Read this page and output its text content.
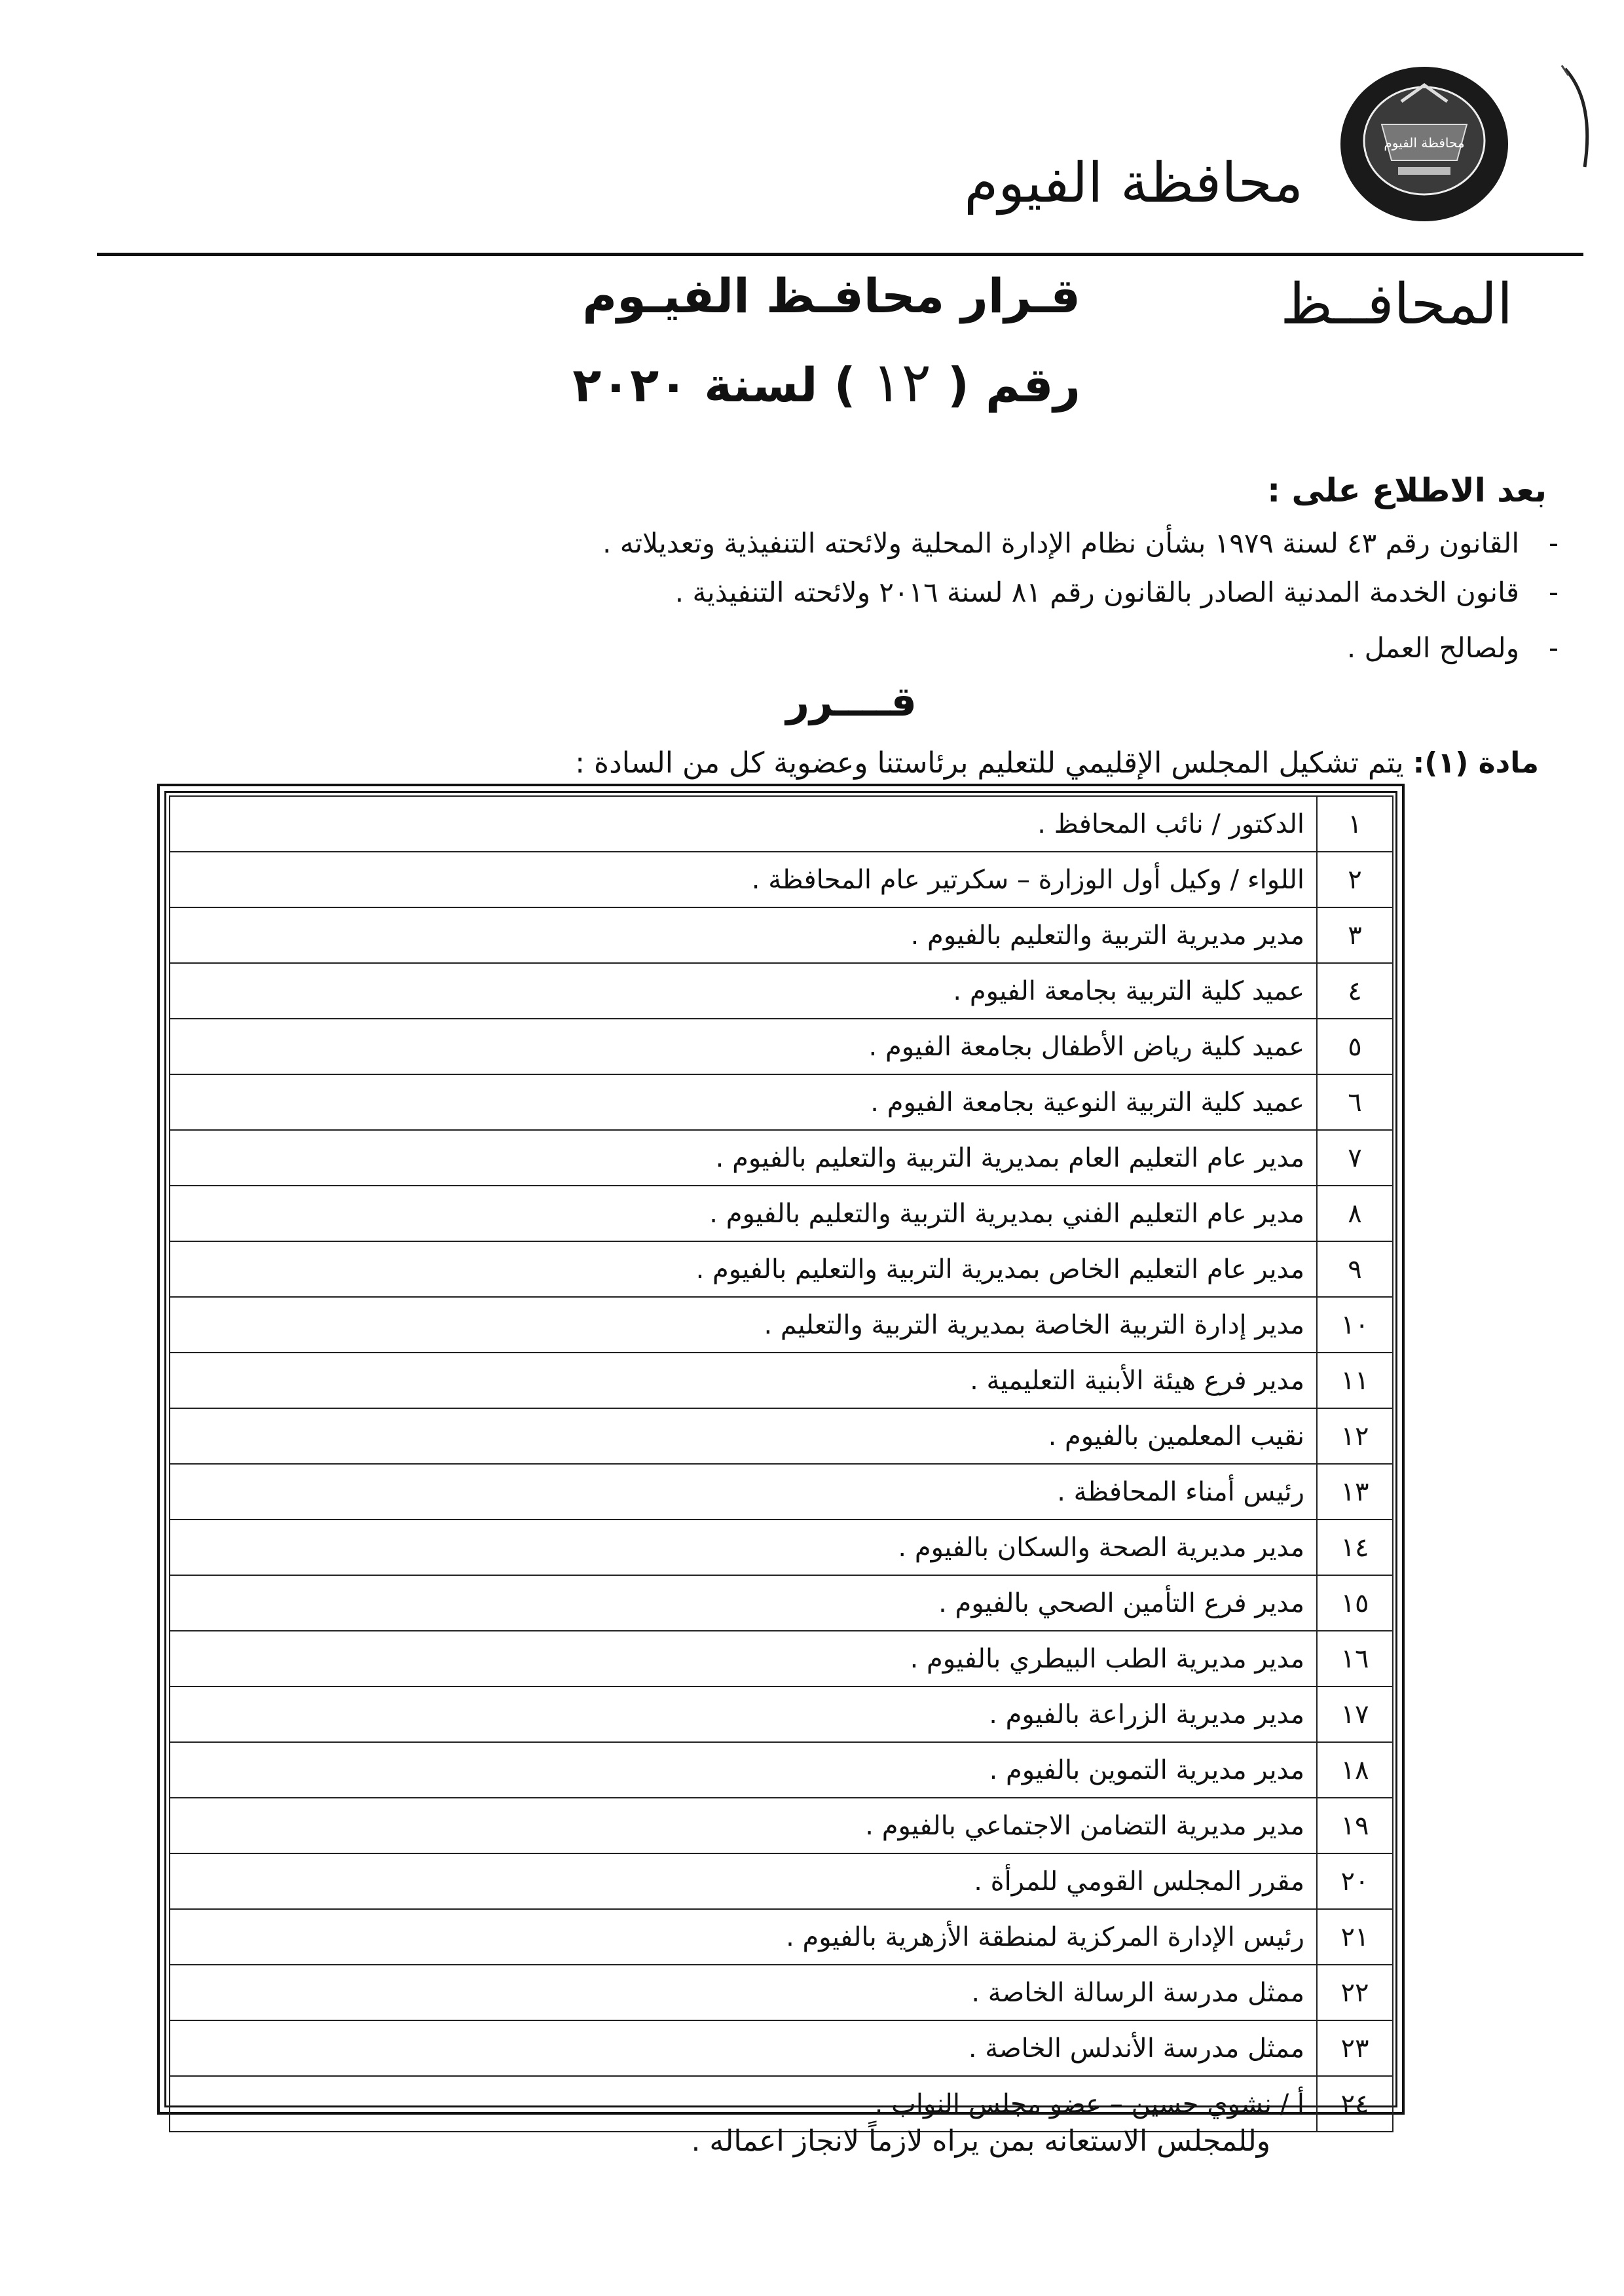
محافظة الفيوم
محافظة الفيوم
المحافــظ
قـرار محافـظ الفيـوم
رقم ( ١٢ ) لسنة ٢٠٢٠
بعد الاطلاع على :
- القانون رقم ٤٣ لسنة ١٩٧٩ بشأن نظام الإدارة المحلية ولائحته التنفيذية وتعديلاته .
- قانون الخدمة المدنية الصادر بالقانون رقم ٨١ لسنة ٢٠١٦ ولائحته التنفيذية .
- ولصالح العمل .
قــــرر
مادة (١): يتم تشكيل المجلس الإقليمي للتعليم برئاستنا وعضوية كل من السادة :
١	الدكتور / نائب المحافظ .
٢	اللواء / وكيل أول الوزارة – سكرتير عام المحافظة .
٣	مدير مديرية التربية والتعليم بالفيوم .
٤	عميد كلية التربية بجامعة الفيوم .
٥	عميد كلية رياض الأطفال بجامعة الفيوم .
٦	عميد كلية التربية النوعية بجامعة الفيوم .
٧	مدير عام التعليم العام بمديرية التربية والتعليم بالفيوم .
٨	مدير عام التعليم الفني بمديرية التربية والتعليم بالفيوم .
٩	مدير عام التعليم الخاص بمديرية التربية والتعليم بالفيوم .
١٠	مدير إدارة التربية الخاصة بمديرية التربية والتعليم .
١١	مدير فرع هيئة الأبنية التعليمية .
١٢	نقيب المعلمين بالفيوم .
١٣	رئيس أمناء المحافظة .
١٤	مدير مديرية الصحة والسكان بالفيوم .
١٥	مدير فرع التأمين الصحي بالفيوم .
١٦	مدير مديرية الطب البيطري بالفيوم .
١٧	مدير مديرية الزراعة بالفيوم .
١٨	مدير مديرية التموين بالفيوم .
١٩	مدير مديرية التضامن الاجتماعي بالفيوم .
٢٠	مقرر المجلس القومي للمرأة .
٢١	رئيس الإدارة المركزية لمنطقة الأزهرية بالفيوم .
٢٢	ممثل مدرسة الرسالة الخاصة .
٢٣	ممثل مدرسة الأندلس الخاصة .
٢٤	أ / نشوي حسين – عضو مجلس النواب .
وللمجلس الاستعانه بمن يراه لازماً لانجاز اعماله .
